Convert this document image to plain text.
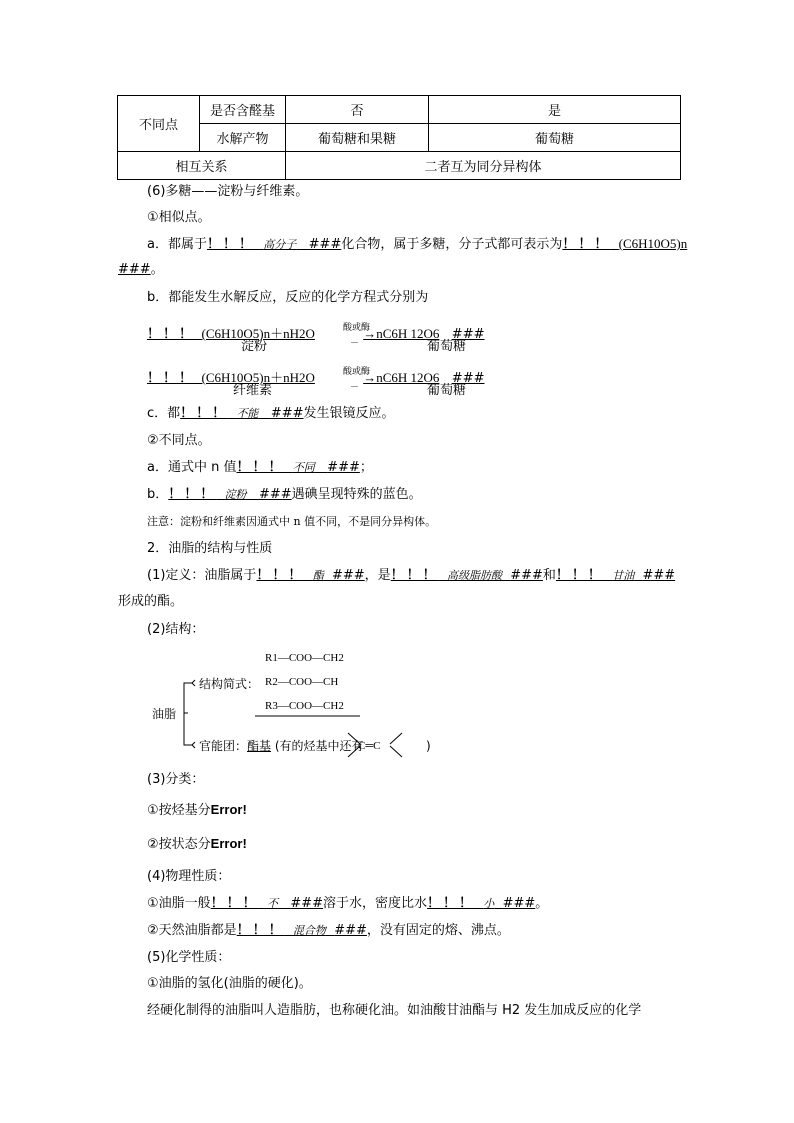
不同点	是否含醛基	否	是
	水解产物	葡萄糖和果糖	葡萄糖
相互关系		二者互为同分异构体	
(6)多糖——淀粉与纤维素。
①相似点。
a．都属于！！！ 高分子 ###化合物，属于多糖，分子式都可表示为！！！ (C6H10O5)n
###。
b．都能发生水解反应，反应的化学方程式分别为
！！！ (C6H10O5)n＋nH2O	→nC6H 12O6 ###
酸或酶
－
淀粉	葡萄糖
！！！ (C6H10O5)n＋nH2O	→nC6H 12O6 ###
酸或酶
－
纤维素	葡萄糖
c．都！！！ 不能 ###发生银镜反应。
②不同点。
a．通式中 n 值！！！ 不同 ###；
b．！！！ 淀粉 ###遇碘呈现特殊的蓝色。
注意：淀粉和纤维素因通式中 n 值不同，不是同分异构体。
2．油脂的结构与性质
(1)定义：油脂属于！！！ 酯 ###，是！！！ 高级脂肪酸 ###和！！！ 甘油 ###
形成的酯。
(2)结构：
油脂
结构简式：
R1—COO—CH2
R2—COO—CH
R3—COO—CH2
官能团：酯基 (有的烃基中还有
C═C	)
(3)分类：
①按烃基分Error!
②按状态分Error!
(4)物理性质：
①油脂一般！！！ 不 ###溶于水，密度比水！！！ 小 ###。
②天然油脂都是！！！ 混合物 ###，没有固定的熔、沸点。
(5)化学性质：
①油脂的氢化(油脂的硬化)。
经硬化制得的油脂叫人造脂肪，也称硬化油。如油酸甘油酯与 H2 发生加成反应的化学
